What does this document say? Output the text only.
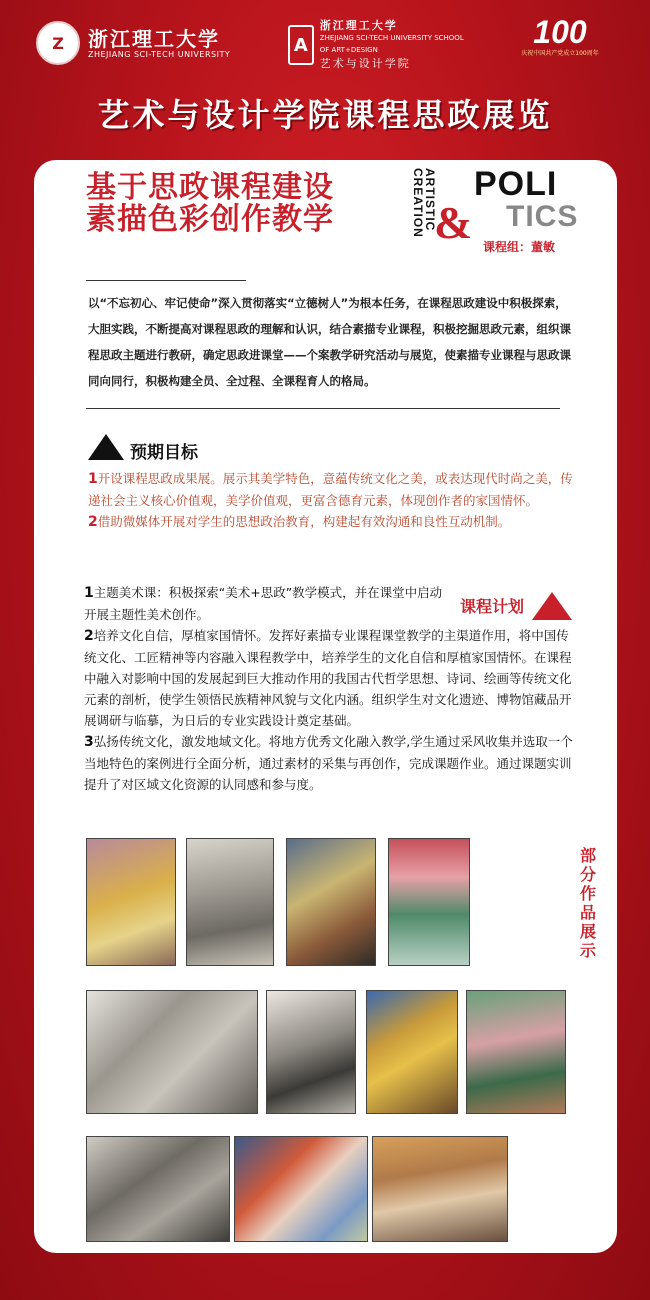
Z	浙江理工大学
ZHEJIANG SCI-TECH UNIVERSITY	A
浙江理工大学
ZHEJIANG SCI-TECH UNIVERSITY SCHOOL OF ART+DESIGN
艺术与设计学院
100
庆祝中国共产党成立100周年
艺术与设计学院课程思政展览
基于思政课程建设
素描色彩创作教学	ARTISTIC CREATION &
POLI
TICS
课程组：董敏
以“不忘初心、牢记使命”深入贯彻落实“立德树人”为根本任务，在课程思政建设中积极探索，大胆实践，不断提高对课程思政的理解和认识，结合素描专业课程，积极挖掘思政元素，组织课程思政主题进行教研，确定思政进课堂——个案教学研究活动与展览，使素描专业课程与思政课同向同行，积极构建全员、全过程、全课程育人的格局。
预期目标
1开设课程思政成果展。展示其美学特色，意蕴传统文化之美，或表达现代时尚之美，传递社会主义核心价值观，美学价值观，更富含德育元素，体现创作者的家国情怀。
2借助微媒体开展对学生的思想政治教育，构建起有效沟通和良性互动机制。
课程计划

1主题美术课：积极探索“美术+思政”教学模式，并在课堂中启动开展主题性美术创作。

2培养文化自信，厚植家国情怀。发挥好素描专业课程课堂教学的主渠道作用，将中国传统文化、工匠精神等内容融入课程教学中，培养学生的文化自信和厚植家国情怀。在课程中融入对影响中国的发展起到巨大推动作用的我国古代哲学思想、诗词、绘画等传统文化元素的剖析，使学生领悟民族精神风貌与文化内涵。组织学生对文化遗迹、博物馆藏品开展调研与临摹，为日后的专业实践设计奠定基础。

3弘扬传统文化，激发地域文化。将地方优秀文化融入教学,学生通过采风收集并选取一个当地特色的案例进行全面分析，通过素材的采集与再创作，完成课题作业。通过课题实训提升了对区域文化资源的认同感和参与度。

部分作品展示
